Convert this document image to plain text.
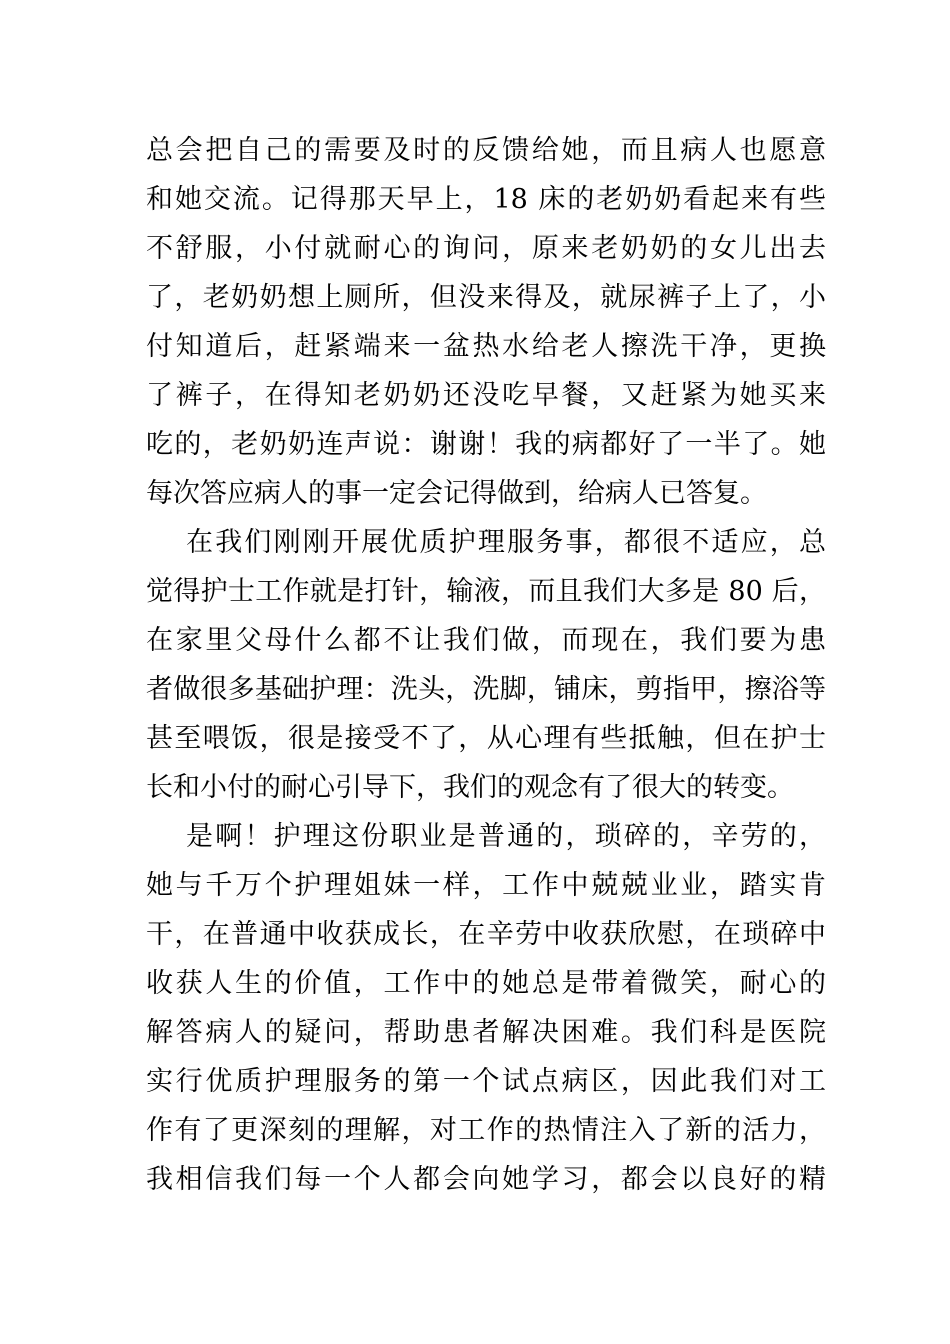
总会把自己的需要及时的反馈给她，而且病人也愿意
和她交流。记得那天早上，18 床的老奶奶看起来有些
不舒服，小付就耐心的询问，原来老奶奶的女儿出去
了，老奶奶想上厕所，但没来得及，就尿裤子上了，小
付知道后，赶紧端来一盆热水给老人擦洗干净，更换
了裤子，在得知老奶奶还没吃早餐，又赶紧为她买来
吃的，老奶奶连声说：谢谢！我的病都好了一半了。她
每次答应病人的事一定会记得做到，给病人已答复。
在我们刚刚开展优质护理服务事，都很不适应，总
觉得护士工作就是打针，输液，而且我们大多是 80 后，
在家里父母什么都不让我们做，而现在，我们要为患
者做很多基础护理：洗头，洗脚，铺床，剪指甲，擦浴等
甚至喂饭，很是接受不了，从心理有些抵触，但在护士
长和小付的耐心引导下，我们的观念有了很大的转变。
是啊！护理这份职业是普通的，琐碎的，辛劳的，
她与千万个护理姐妹一样，工作中兢兢业业，踏实肯
干，在普通中收获成长，在辛劳中收获欣慰，在琐碎中
收获人生的价值，工作中的她总是带着微笑，耐心的
解答病人的疑问，帮助患者解决困难。我们科是医院
实行优质护理服务的第一个试点病区，因此我们对工
作有了更深刻的理解，对工作的热情注入了新的活力，
我相信我们每一个人都会向她学习，都会以良好的精
